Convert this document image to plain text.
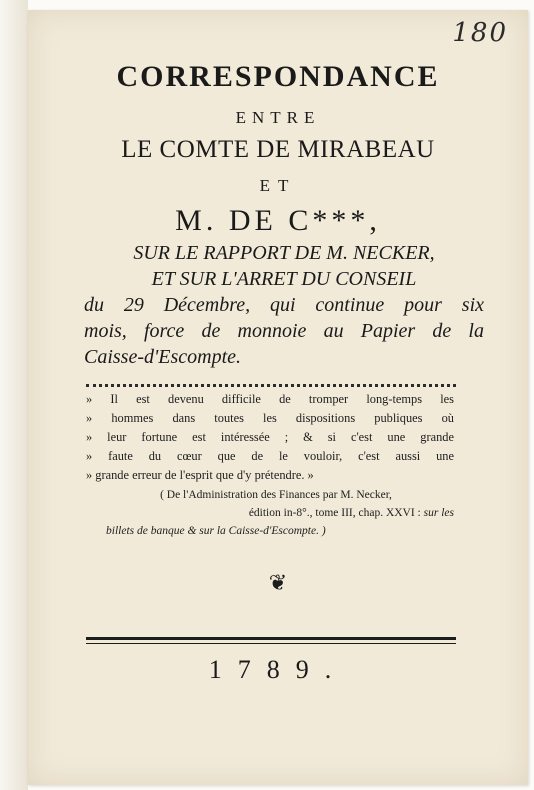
180
CORRESPONDANCE
ENTRE
LE COMTE DE MIRABEAU
ET
M. DE C***,
SUR LE RAPPORT DE M. NECKER,
ET SUR L'ARRET DU CONSEIL
du 29 Décembre, qui continue pour six
mois, force de monnoie au Papier de la
Caisse-d'Escompte.
» Il est devenu difficile de tromper long-temps les
» hommes dans toutes les dispositions publiques où
» leur fortune est intéressée ; & si c'est une grande
» faute du cœur que de le vouloir, c'est aussi une
» grande erreur de l'esprit que d'y prétendre. »
( De l'Administration des Finances par M. Necker,
édition in-8°., tome III, chap. XXVI : sur les
billets de banque & sur la Caisse-d'Escompte. )
❦
1789.
